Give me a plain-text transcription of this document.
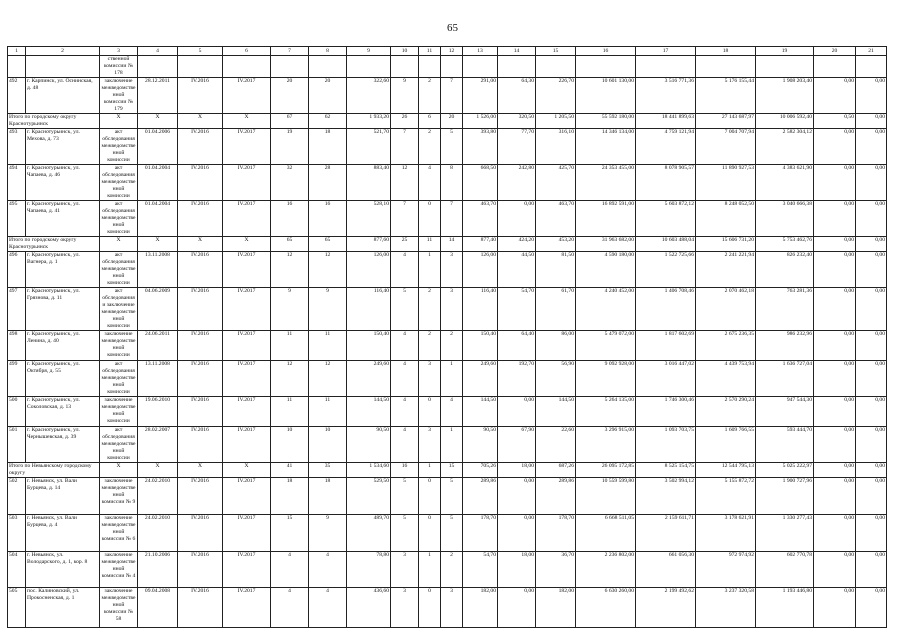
65
1	2	3	4	5	6	7	8	9	10	11	12	13	14	15	16	17	18	19	20	21
		ственной комиссии № 178																		
492	г. Карпинск, ул. Оснинская, д. 48	заключение межведомственной комиссии № 179	28.12.2011	IV.2016	IV.2017	20	20	322,60	9	2	7	291,00	64,30	226,70	10 601 130,00	3 516 771,36	5 176 155,44	1 908 203,40	0,00	0,00
Итого по городскому округу Краснотурьинск		Х	Х	Х	Х	67	62	1 933,20	26	6	20	1 526,00	320,50	1 205,50	55 592 180,00	18 441 899,63	27 143 687,97	10 006 592,40	0,50	0,00
493	г. Краснотурьинск, ул. Мехова, д. 73	акт обследования межведомственной комиссии	01.04.2006	IV.2016	IV.2017	19	18	521,70	7	2	5	393,80	77,70	316,10	14 346 134,00	4 759 121,94	7 004 707,94	2 582 304,12	0,00	0,00
494	г. Краснотурьинск, ул. Чапаева, д. 46	акт обследования межведомственной комиссии	01.04.2004	IV.2016	IV.2017	32	28	883,40	12	4	8	668,50	242,80	425,70	24 353 455,00	8 078 905,57	11 890 927,53	4 383 621,90	0,00	0,00
495	г. Краснотурьинск, ул. Чапаева, д. 41	акт обследования межведомственной комиссии	01.04.2004	IV.2016	IV.2017	16	16	528,10	7	0	7	463,70	0,00	463,70	16 892 591,00	5 603 872,12	8 248 052,50	3 040 666,38	0,00	0,00
Итого по городскому округу Краснотурьинск		Х	Х	Х	Х	65	65	877,60	25	11	14	877,40	424,20	453,20	31 963 682,00	10 603 488,04	15 606 731,20	5 753 462,76	0,00	0,00
496	г. Краснотурьинск, ул. Вагнера, д. 1	акт обследования межведомственной комиссии	13.11.2008	IV.2016	IV.2017	12	12	126,00	4	1	3	126,00	44,50	81,50	4 590 180,00	1 522 725,66	2 241 221,94	826 232,40	0,00	0,00
497	г. Краснотурьинск, ул. Грязнова, д. 11	акт обследования и заключение межведомственной комиссии	04.06.2009	IV.2016	IV.2017	9	9	116,40	5	2	3	116,40	54,70	61,70	4 240 452,00	1 406 708,46	2 070 462,18	763 281,36	0,00	0,00
498	г. Краснотурьинск, ул. Ленина, д. 40	заключение межведомственной комиссии	24.06.2011	IV.2016	IV.2017	11	11	150,40	4	2	2	150,40	64,40	86,00	5 479 072,00	1 817 602,69	2 675 236,35	986 232,96	0,00	0,00
499	г. Краснотурьинск, ул. Октября, д. 55	акт обследования межведомственной комиссии	13.11.2008	IV.2016	IV.2017	12	12	249,60	4	3	1	249,60	192,70	56,90	9 092 928,00	3 016 447,02	4 439 753,94	1 636 727,04	0,00	0,00
500	г. Краснотурьинск, ул. Соколовская, д. 13	заключение межведомственной комиссии	19.06.2010	IV.2016	IV.2017	11	11	144,50	4	0	4	144,50	0,00	144,50	5 264 135,00	1 746 300,46	2 570 290,24	947 544,30	0,00	0,00
501	г. Краснотурьинск, ул. Чернышевская, д. 39	акт обследования межведомственной комиссии	28.02.2007	IV.2016	IV.2017	10	10	90,50	4	3	1	90,50	67,90	22,60	3 296 915,00	1 093 703,75	1 609 766,55	593 444,70	0,00	0,00
Итого по Невьянскому городскому округу		Х	Х	Х	Х	41	35	1 534,60	16	1	15	705,26	18,00	687,26	26 095 172,85	8 525 154,75	12 544 795,13	5 025 222,97	0,00	0,00
502	г. Невьянск, ул. Вали Бурцева, д. 14	заключение межведомственной комиссии № 9	24.02.2010	IV.2016	IV.2017	18	18	529,50	5	0	5	289,86	0,00	289,86	10 559 599,80	3 502 994,12	5 155 872,72	1 900 727,96	0,00	0,00
503	г. Невьянск, ул. Вали Бурцева, д. 4	заключение межведомственной комиссии № 6	24.02.2010	IV.2016	IV.2017	15	9	489,70	5	0	5	178,70	0,00	178,70	6 668 511,05	2 159 611,71	3 178 621,91	1 330 277,43	0,00	0,00
504	г. Невьянск, ул. Володарского, д. 1, кор. 8	заключение межведомственной комиссии № 4	21.10.2006	IV.2016	IV.2017	4	4	78,80	3	1	2	54,70	18,00	36,70	2 236 802,00	661 056,30	972 974,92	602 770,78	0,00	0,00
505	пос. Калиновский, ул. Прокосненская, д. 1	заключение межведомственной комиссии № 58	09.04.2008	IV.2016	IV.2017	4	4	436,60	3	0	3	182,00	0,00	182,00	6 630 260,00	2 199 492,62	3 237 320,58	1 193 446,80	0,00	0,00
